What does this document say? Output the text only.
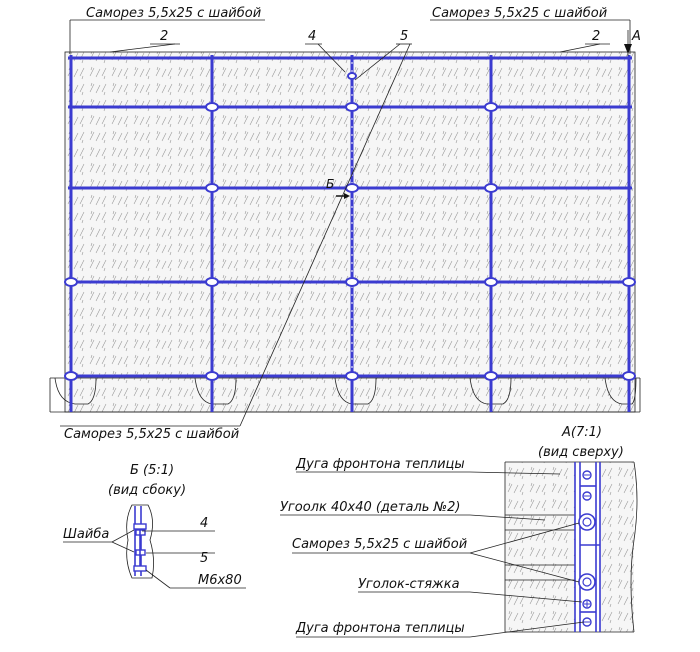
Саморез 5,5х25 с шайбой	Саморез 5,5х25 с шайбой
2	2
4	5	А
Б
Саморез 5,5х25 с шайбой
Б (5:1)
(вид сбоку)
Шайба
4
5
М6х80
А(7:1)
(вид сверху)
Дуга фронтона теплицы
Угоолк 40х40 (деталь №2)
Саморез 5,5х25 с шайбой
Уголок-стяжка
Дуга фронтона теплицы
